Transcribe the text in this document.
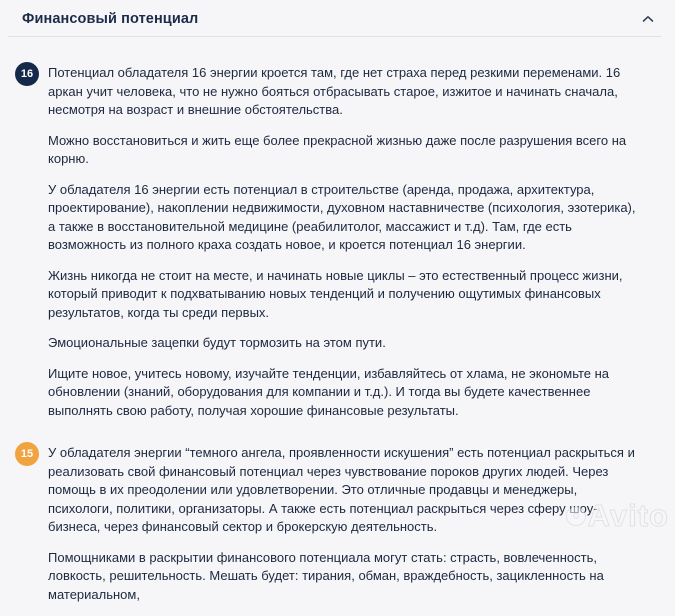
Финансовый потенциал
16	Потенциал обладателя 16 энергии кроется там, где нет страха перед резкими переменами. 16 аркан учит человека, что не нужно бояться отбрасывать старое, изжитое и начинать сначала, несмотря на возраст и внешние обстоятельства.

Можно восстановиться и жить еще более прекрасной жизнью даже после разрушения всего на корню.

У обладателя 16 энергии есть потенциал в строительстве (аренда, продажа, архитектура, проектирование), накоплении недвижимости, духовном наставничестве (психология, эзотерика), а также в восстановительной медицине (реабилитолог, массажист и т.д). Там, где есть возможность из полного краха создать новое, и кроется потенциал 16 энергии.

Жизнь никогда не стоит на месте, и начинать новые циклы – это естественный процесс жизни, который приводит к подхватыванию новых тенденций и получению ощутимых финансовых результатов, когда ты среди первых.

Эмоциональные зацепки будут тормозить на этом пути.

Ищите новое, учитесь новому, изучайте тенденции, избавляйтесь от хлама, не экономьте на обновлении (знаний, оборудования для компании и т.д.). И тогда вы будете качественнее выполнять свою работу, получая хорошие финансовые результаты.

15	У обладателя энергии “темного ангела, проявленности искушения” есть потенциал раскрыться и реализовать свой финансовый потенциал через чувствование пороков других людей. Через помощь в их преодолении или удовлетворении. Это отличные продавцы и менеджеры, психологи, политики, организаторы. А также есть потенциал раскрыться через сферу шоу-бизнеса, через финансовый сектор и брокерскую деятельность.

Помощниками в раскрытии финансового потенциала могут стать: страсть, вовлеченность, ловкость, решительность. Мешать будет: тирания, обман, враждебность, зацикленность на материальном,

Avito
